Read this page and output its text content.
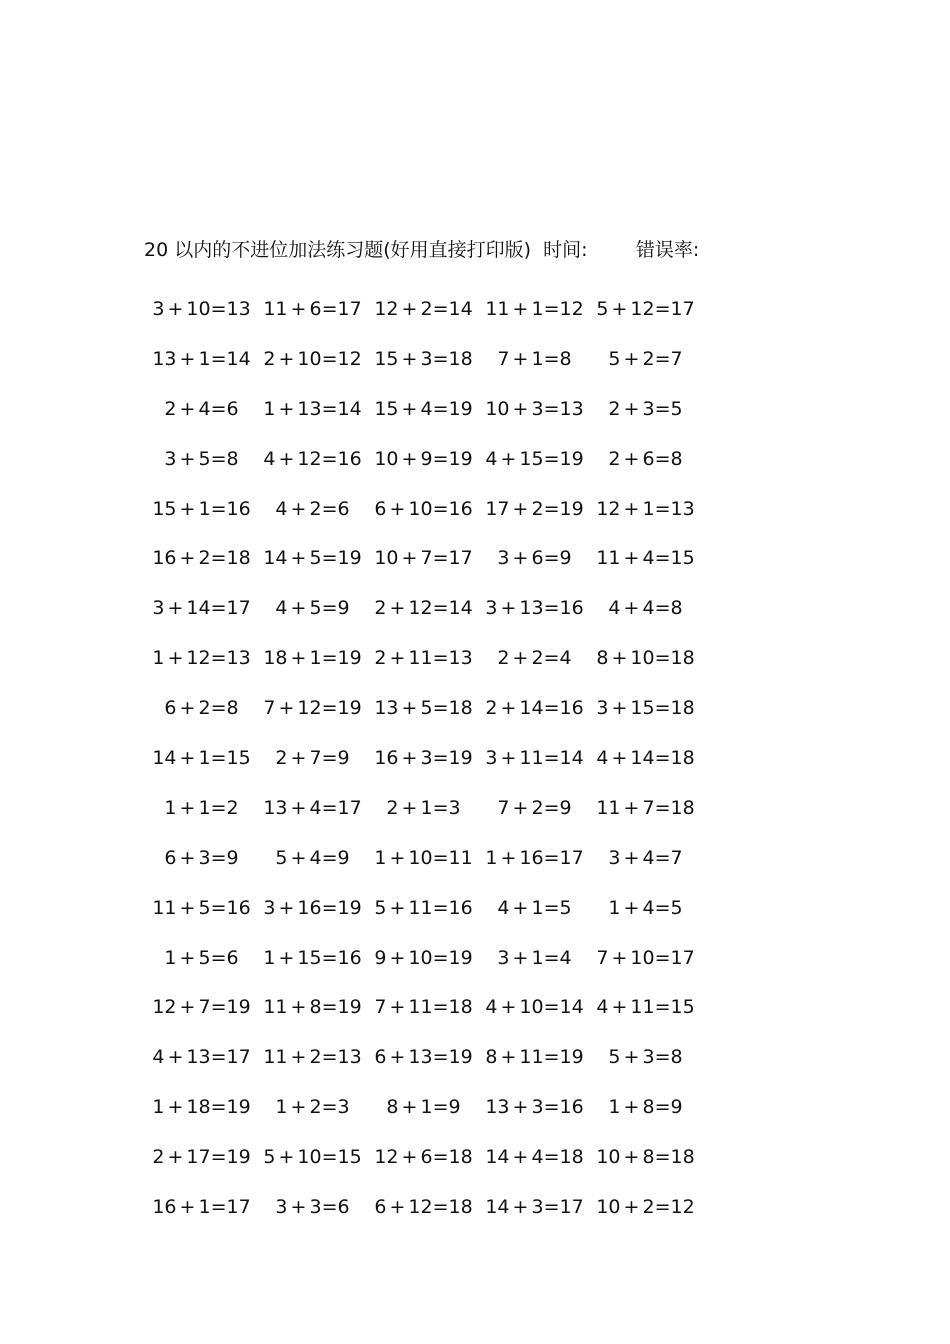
20 以内的不进位加法练习题(好用直接打印版)  时间:        错误率:
3 + 10=13 11 + 6=17 12 + 2=14 11 + 1=12 5 + 12=17
13 + 1=14 2 + 10=12 15 + 3=18	7 + 1=8	5 + 2=7
2 + 4=6	1 + 13=14 15 + 4=19 10 + 3=13	2 + 3=5
3 + 5=8	4 + 12=16 10 + 9=19 4 + 15=19	2 + 6=8
15 + 1=16	4 + 2=6	6 + 10=16 17 + 2=19 12 + 1=13
16 + 2=18 14 + 5=19 10 + 7=17	3 + 6=9	11 + 4=15
3 + 14=17	4 + 5=9	2 + 12=14 3 + 13=16	4 + 4=8
1 + 12=13 18 + 1=19 2 + 11=13	2 + 2=4	8 + 10=18
6 + 2=8	7 + 12=19 13 + 5=18 2 + 14=16 3 + 15=18
14 + 1=15	2 + 7=9	16 + 3=19 3 + 11=14 4 + 14=18
1 + 1=2	13 + 4=17	2 + 1=3	7 + 2=9	11 + 7=18
6 + 3=9	5 + 4=9	1 + 10=11 1 + 16=17	3 + 4=7
11 + 5=16 3 + 16=19 5 + 11=16	4 + 1=5	1 + 4=5
1 + 5=6	1 + 15=16 9 + 10=19	3 + 1=4	7 + 10=17
12 + 7=19 11 + 8=19 7 + 11=18 4 + 10=14 4 + 11=15
4 + 13=17 11 + 2=13 6 + 13=19 8 + 11=19	5 + 3=8
1 + 18=19	1 + 2=3	8 + 1=9	13 + 3=16	1 + 8=9
2 + 17=19 5 + 10=15 12 + 6=18 14 + 4=18 10 + 8=18
16 + 1=17	3 + 3=6	6 + 12=18 14 + 3=17 10 + 2=12
